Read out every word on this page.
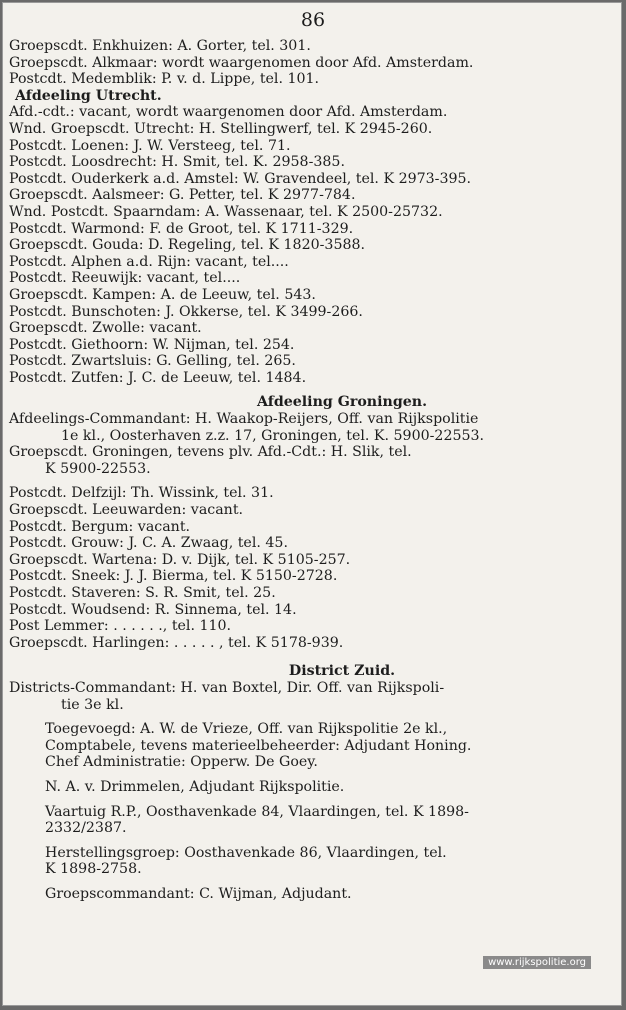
86
Groepscdt. Enkhuizen: A. Gorter, tel. 301.
Groepscdt. Alkmaar: wordt waargenomen door Afd. Amsterdam.
Postcdt. Medemblik: P. v. d. Lippe, tel. 101.
Afdeeling Utrecht.
Afd.-cdt.: vacant, wordt waargenomen door Afd. Amsterdam.
Wnd. Groepscdt. Utrecht: H. Stellingwerf, tel. K 2945-260.
Postcdt. Loenen: J. W. Versteeg, tel. 71.
Postcdt. Loosdrecht: H. Smit, tel. K. 2958-385.
Postcdt. Ouderkerk a.d. Amstel: W. Gravendeel, tel. K 2973-395.
Groepscdt. Aalsmeer: G. Petter, tel. K 2977-784.
Wnd. Postcdt. Spaarndam: A. Wassenaar, tel. K 2500-25732.
Postcdt. Warmond: F. de Groot, tel. K 1711-329.
Groepscdt. Gouda: D. Regeling, tel. K 1820-3588.
Postcdt. Alphen a.d. Rijn: vacant, tel....
Postcdt. Reeuwijk: vacant, tel....
Groepscdt. Kampen: A. de Leeuw, tel. 543.
Postcdt. Bunschoten: J. Okkerse, tel. K 3499-266.
Groepscdt. Zwolle: vacant.
Postcdt. Giethoorn: W. Nijman, tel. 254.
Postcdt. Zwartsluis: G. Gelling, tel. 265.
Postcdt. Zutfen: J. C. de Leeuw, tel. 1484.
Afdeeling Groningen.
Afdeelings-Commandant: H. Waakop-Reijers, Off. van Rijkspolitie
1e kl., Oosterhaven z.z. 17, Groningen, tel. K. 5900-22553.
Groepscdt. Groningen, tevens plv. Afd.-Cdt.: H. Slik, tel.
K 5900-22553.
Postcdt. Delfzijl: Th. Wissink, tel. 31.
Groepscdt. Leeuwarden: vacant.
Postcdt. Bergum: vacant.
Postcdt. Grouw: J. C. A. Zwaag, tel. 45.
Groepscdt. Wartena: D. v. Dijk, tel. K 5105-257.
Postcdt. Sneek: J. J. Bierma, tel. K 5150-2728.
Postcdt. Staveren: S. R. Smit, tel. 25.
Postcdt. Woudsend: R. Sinnema, tel. 14.
Post Lemmer: . . . . . ., tel. 110.
Groepscdt. Harlingen: . . . . . , tel. K 5178-939.
District Zuid.
Districts-Commandant: H. van Boxtel, Dir. Off. van Rijkspoli-
tie 3e kl.
Toegevoegd: A. W. de Vrieze, Off. van Rijkspolitie 2e kl.,
Comptabele, tevens materieelbeheerder: Adjudant Honing.
Chef Administratie: Opperw. De Goey.
N. A. v. Drimmelen, Adjudant Rijkspolitie.
Vaartuig R.P., Oosthavenkade 84, Vlaardingen, tel. K 1898-
2332/2387.
Herstellingsgroep: Oosthavenkade 86, Vlaardingen, tel.
K 1898-2758.
Groepscommandant: C. Wijman, Adjudant.
www.rijkspolitie.org
